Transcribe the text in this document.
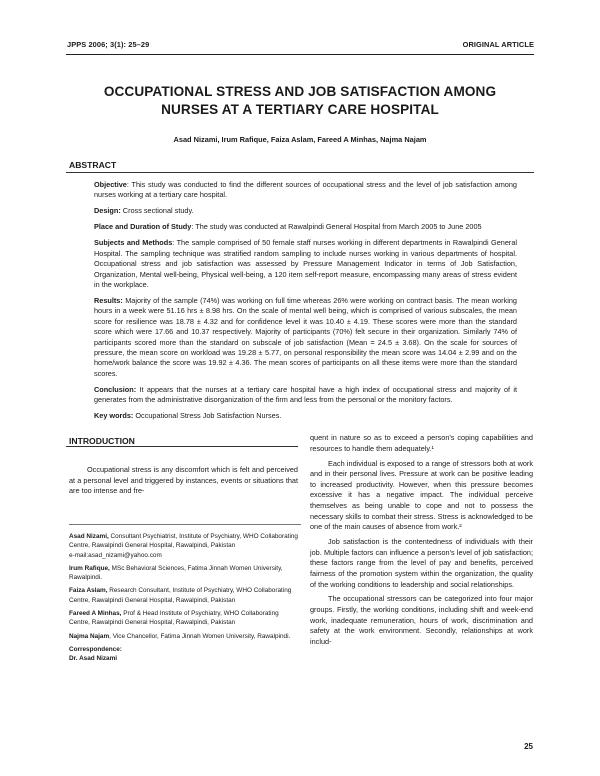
JPPS 2006; 3(1): 25–29	ORIGINAL ARTICLE
OCCUPATIONAL STRESS AND JOB SATISFACTION AMONG
NURSES AT A TERTIARY CARE HOSPITAL
Asad Nizami, Irum Rafique, Faiza Aslam, Fareed A Minhas, Najma Najam
ABSTRACT

Objective: This study was conducted to find the different sources of occupational stress and the level of job satisfaction among nurses working at a tertiary care hospital.

Design: Cross sectional study.

Place and Duration of Study: The study was conducted at Rawalpindi General Hospital from March 2005 to June 2005

Subjects and Methods: The sample comprised of 50 female staff nurses working in different departments in Rawalpindi General Hospital. The sampling technique was stratified random sampling to include nurses working in various departments of hospital. Occupational stress and job satisfaction was assessed by Pressure Management Indicator in terms of Job Satisfaction, Organization, Mental well-being, Physical well-being, a 120 item self-report measure, encompassing many areas of stress evident in the workplace.

Results: Majority of the sample (74%) was working on full time whereas 26% were working on contract basis. The mean working hours in a week were 51.16 hrs ± 8.98 hrs. On the scale of mental well being, which is comprised of various subscales, the mean score for resilience was 18.78 ± 4.32 and for confidence level it was 10.40 ± 4.19. These scores were more than the standard score which were 17.66 and 10.37 respectively. Majority of participants (70%) felt secure in their organization. Similarly 74% of participants scored more than the standard on subscale of job satisfaction (Mean = 24.5 ± 3.68). On the scale for sources of pressure, the mean score on workload was 19.28 ± 5.77, on personal responsibility the mean score was 14.04 ± 2.99 and on the home/work balance the score was 19.92 ± 4.36. The mean scores of participants on all these items were more than the standard scores.

Conclusion: It appears that the nurses at a tertiary care hospital have a high index of occupational stress and majority of it generates from the administrative disorganization of the firm and less from the personal or the monitory factors.

Key words: Occupational Stress Job Satisfaction Nurses.

INTRODUCTION

Occupational stress is any discomfort which is felt and perceived at a personal level and triggered by instances, events or situations that are too intense and fre-

Asad Nizami, Consultant Psychiatrist, Institute of Psychiatry, WHO Collaborating Centre, Rawalpindi General Hospital, Rawalpindi, Pakistan
e-mail:asad_nizami@yahoo.com

Irum Rafique, MSc Behavioral Sciences, Fatima Jinnah Women University, Rawalpindi.

Faiza Aslam, Research Consultant, Institute of Psychiatry, WHO Collaborating Centre, Rawalpindi General Hospital, Rawalpindi, Pakistan

Fareed A Minhas, Prof & Head Institute of Psychiatry, WHO Collaborating Centre, Rawalpindi General Hospital, Rawalpindi, Pakistan

Najma Najam, Vice Chancellor, Fatima Jinnah Women University, Rawalpindi.

Correspondence:
Dr. Asad Nizami

quent in nature so as to exceed a person's coping capabilities and resources to handle them adequately.¹

Each individual is exposed to a range of stressors both at work and in their personal lives. Pressure at work can be positive leading to increased productivity. However, when this pressure becomes excessive it has a negative impact. The individual perceive themselves as being unable to cope and not to possess the necessary skills to combat their stress. Stress is acknowledged to be one of the main causes of absence from work.²

Job satisfaction is the contentedness of individuals with their job. Multiple factors can influence a person's level of job satisfaction; these factors range from the level of pay and benefits, perceived fairness of the promotion system within the organization, the quality of the working conditions to leadership and social relationships.

The occupational stressors can be categorized into four major groups. Firstly, the working conditions, including shift and week-end work, inadequate remuneration, hours of work, discrimination and safety at the work environment. Secondly, relationships at work includ-

25
